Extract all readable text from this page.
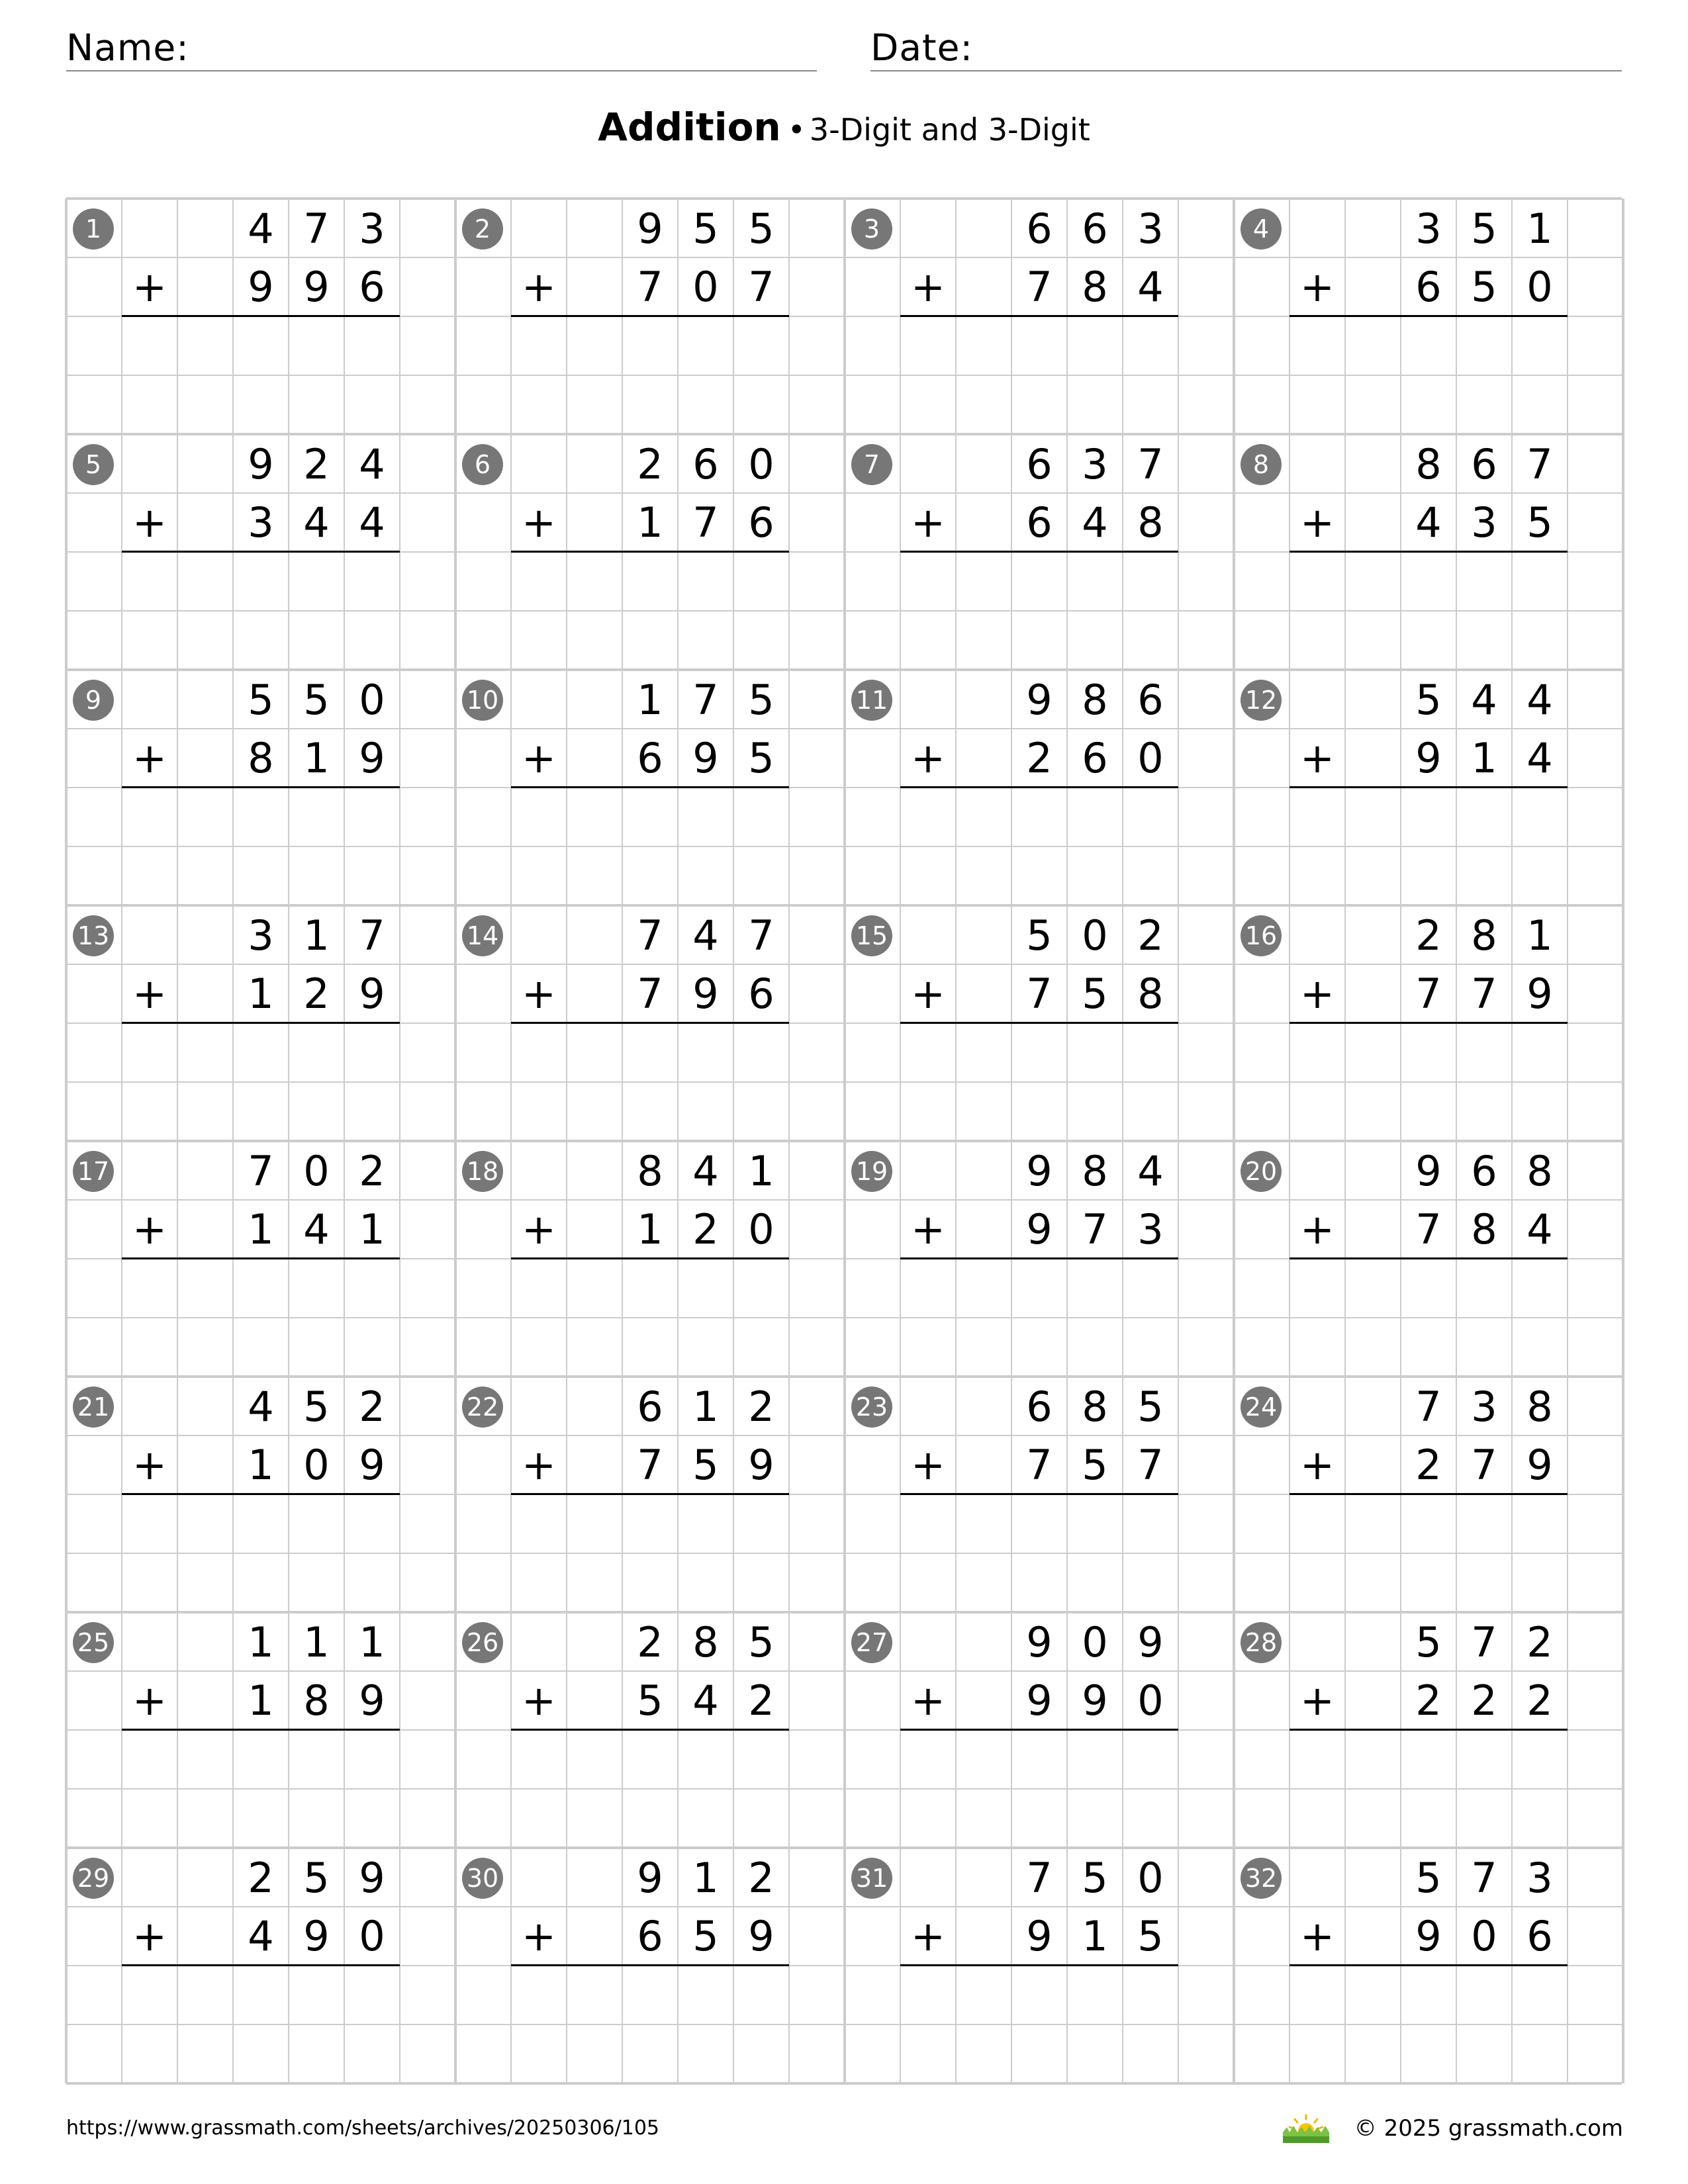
Name:	Date:
Addition • 3-Digit and 3-Digit
1	4 7 3
9 9 6
+
2	9 5 5
7 0 7
+
3	6 6 3
7 8 4
+
4	3 5 1
6 5 0
+
5	9 2 4
3 4 4
+
6	2 6 0
1 7 6
+
7	6 3 7
6 4 8
+
8	8 6 7
4 3 5
+
9	5 5 0
8 1 9
+
10	1 7 5
6 9 5
+
11	9 8 6
2 6 0
+
12	5 4 4
9 1 4
+
13	3 1 7
1 2 9
+
14	7 4 7
7 9 6
+
15	5 0 2
7 5 8
+
16	2 8 1
7 7 9
+
17	7 0 2
1 4 1
+
18	8 4 1
1 2 0
+
19	9 8 4
9 7 3
+
20	9 6 8
7 8 4
+
21	4 5 2
1 0 9
+
22	6 1 2
7 5 9
+
23	6 8 5
7 5 7
+
24	7 3 8
2 7 9
+
25	1 1 1
1 8 9
+
26	2 8 5
5 4 2
+
27	9 0 9
9 9 0
+
28	5 7 2
2 2 2
+
29	2 5 9
4 9 0
+
30	9 1 2
6 5 9
+
31	7 5 0
9 1 5
+
32	5 7 3
9 0 6
+
https://www.grassmath.com/sheets/archives/20250306/105	© 2025 grassmath.com
